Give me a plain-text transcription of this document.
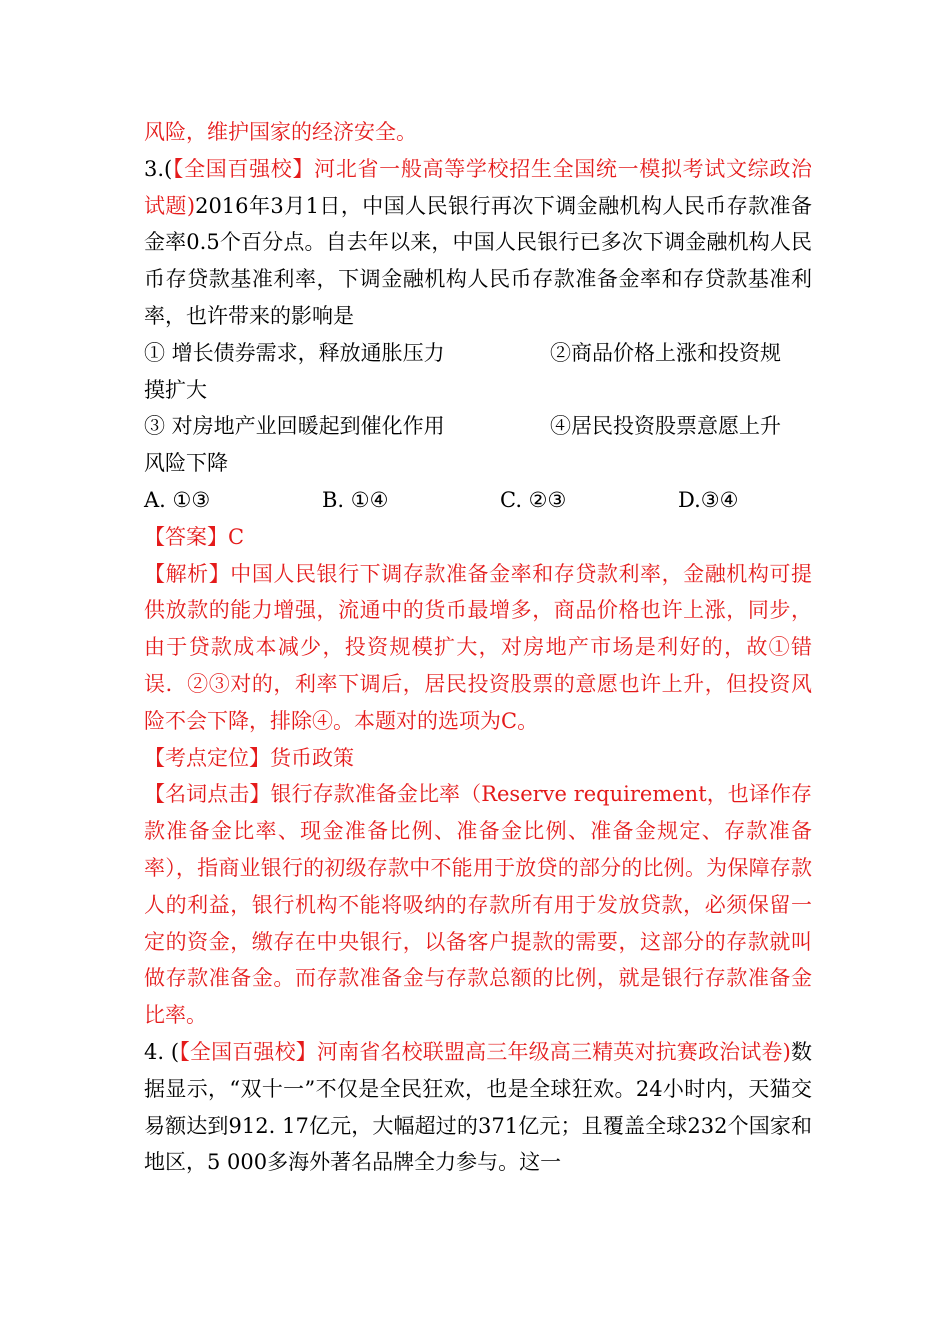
风险，维护国家的经济安全。

3.(【全国百强校】河北省一般高等学校招生全国统一模拟考试文综政治试题)2016年3月1日，中国人民银行再次下调金融机构人民币存款准备金率0.5个百分点。自去年以来，中国人民银行已多次下调金融机构人民币存贷款基准利率，下调金融机构人民币存款准备金率和存贷款基准利率，也许带来的影响是

① 增长债券需求，释放通胀压力	②商品价格上涨和投资规

摸扩大

③ 对房地产业回暖起到催化作用	④居民投资股票意愿上升

风险下降

A. ①③	B. ①④	C. ②③	D.③④

【答案】C

【解析】中国人民银行下调存款准备金率和存贷款利率，金融机构可提供放款的能力增强，流通中的货币最增多，商品价格也许上涨，同步，由于贷款成本减少，投资规模扩大，对房地产市场是利好的，故①错误．②③对的，利率下调后，居民投资股票的意愿也许上升，但投资风险不会下降，排除④。本题对的选项为C。

【考点定位】货币政策

【名词点击】银行存款准备金比率（Reserve requirement，也译作存款准备金比率、现金准备比例、准备金比例、准备金规定、存款准备率），指商业银行的初级存款中不能用于放贷的部分的比例。为保障存款人的利益，银行机构不能将吸纳的存款所有用于发放贷款，必须保留一定的资金，缴存在中央银行，以备客户提款的需要，这部分的存款就叫做存款准备金。而存款准备金与存款总额的比例，就是银行存款准备金比率。

4. (【全国百强校】河南省名校联盟高三年级高三精英对抗赛政治试卷)数据显示，“双十一”不仅是全民狂欢，也是全球狂欢。24小时内，天猫交易额达到912. 17亿元，大幅超过的371亿元；且覆盖全球232个国家和地区，5 000多海外著名品牌全力参与。这一
